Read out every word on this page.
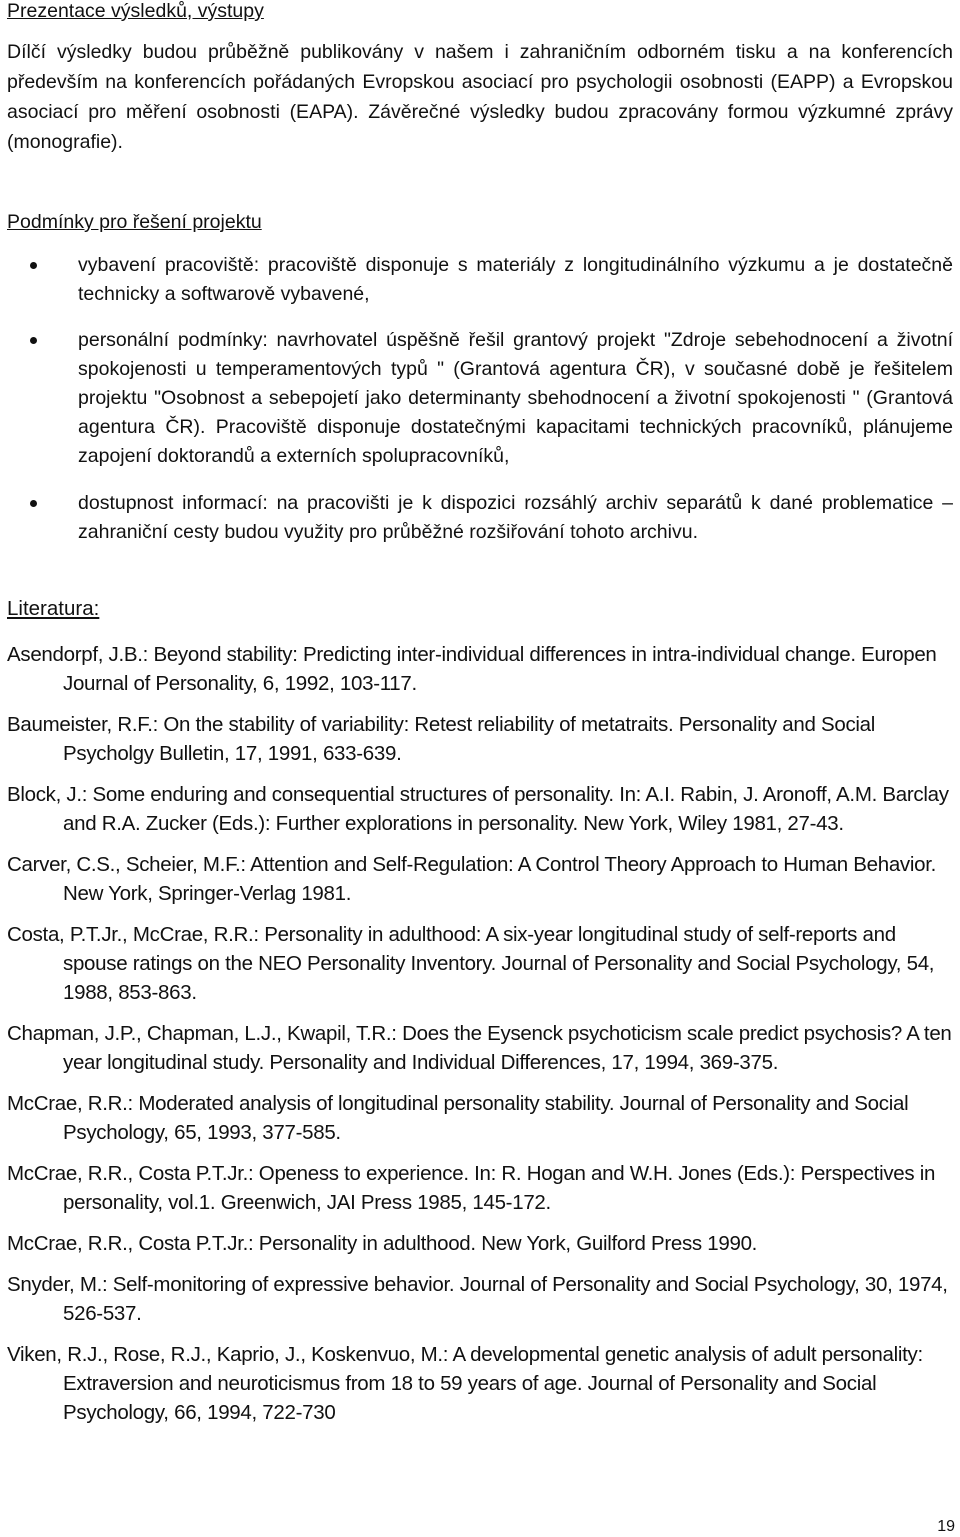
Prezentace výsledků, výstupy
Dílčí výsledky budou průběžně publikovány v našem i zahraničním odborném tisku a na konferencích především na konferencích pořádaných Evropskou asociací pro psychologii osobnosti (EAPP) a Evropskou asociací pro měření osobnosti (EAPA). Závěrečné výsledky budou zpracovány formou výzkumné zprávy (monografie).
Podmínky pro řešení projektu
vybavení pracoviště: pracoviště disponuje s materiály z longitudinálního výzkumu a je dostatečně technicky a softwarově vybavené,
personální podmínky: navrhovatel úspěšně řešil grantový projekt "Zdroje sebehodnocení a životní spokojenosti u temperamentových typů " (Grantová agentura ČR), v současné době je řešitelem projektu "Osobnost a sebepojetí jako determinanty sbehodnocení a životní spokojenosti " (Grantová agentura ČR). Pracoviště disponuje dostatečnými kapacitami technických pracovníků, plánujeme zapojení doktorandů a externích spolupracovníků,
dostupnost informací: na pracovišti je k dispozici rozsáhlý archiv separátů k dané problematice – zahraniční cesty budou využity pro průběžné rozšiřování tohoto archivu.
Literatura:
Asendorpf, J.B.: Beyond stability: Predicting inter-individual differences in intra-individual change. Europen Journal of Personality, 6, 1992, 103-117.
Baumeister, R.F.: On the stability of variability: Retest reliability of metatraits. Personality and Social Psycholgy Bulletin, 17, 1991, 633-639.
Block, J.: Some enduring and consequential structures of personality. In: A.I. Rabin, J. Aronoff, A.M. Barclay and R.A. Zucker (Eds.): Further explorations in personality. New York, Wiley 1981, 27-43.
Carver, C.S., Scheier, M.F.: Attention and Self-Regulation: A Control Theory Approach to Human Behavior. New York, Springer-Verlag 1981.
Costa, P.T.Jr., McCrae, R.R.: Personality in adulthood: A six-year longitudinal study of self-reports and spouse ratings on the NEO Personality Inventory. Journal of Personality and Social Psychology, 54, 1988, 853-863.
Chapman, J.P., Chapman, L.J., Kwapil, T.R.: Does the Eysenck psychoticism scale predict psychosis? A ten year longitudinal study. Personality and Individual Differences, 17, 1994, 369-375.
McCrae, R.R.: Moderated analysis of longitudinal personality stability. Journal of Personality and Social Psychology, 65, 1993, 377-585.
McCrae, R.R., Costa P.T.Jr.: Openess to experience. In: R. Hogan and W.H. Jones (Eds.): Perspectives in personality, vol.1. Greenwich, JAI Press 1985, 145-172.
McCrae, R.R., Costa P.T.Jr.: Personality in adulthood. New York, Guilford Press 1990.
Snyder, M.: Self-monitoring of expressive behavior. Journal of Personality and Social Psychology, 30, 1974, 526-537.
Viken, R.J., Rose, R.J., Kaprio, J., Koskenvuo, M.: A developmental genetic analysis of adult personality: Extraversion and neuroticismus from 18 to 59 years of age. Journal of Personality and Social Psychology, 66, 1994, 722-730
19
